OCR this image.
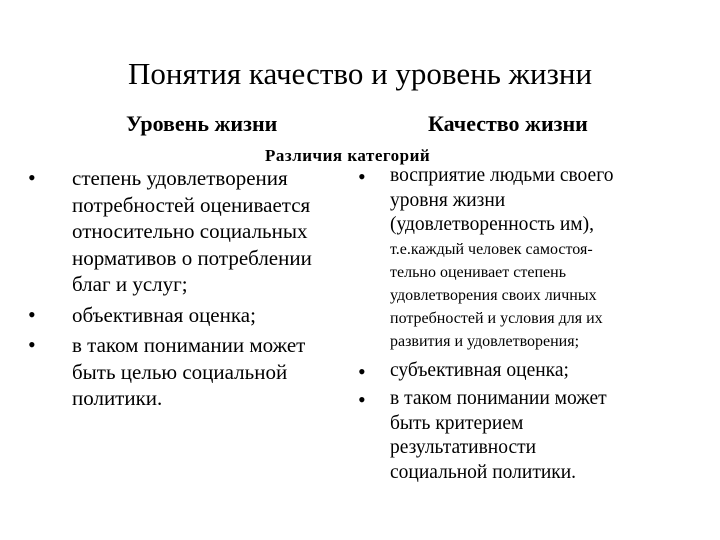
Понятия качество и уровень жизни
Уровень жизни	Качество жизни
Различия категорий
• степень удовлетворения
потребностей оценивается
относительно социальных
нормативов о потреблении
благ и услуг;
• объективная оценка;
• в таком понимании может
быть целью социальной
политики.
• восприятие людьми своего
уровня жизни
(удовлетворенность им),
т.е.каждый человек самостоя-
тельно оценивает степень
удовлетворения своих личных
потребностей и условия для их
развития и удовлетворения;
• субъективная оценка;
• в таком понимании может
быть критерием
результативности
социальной политики.
